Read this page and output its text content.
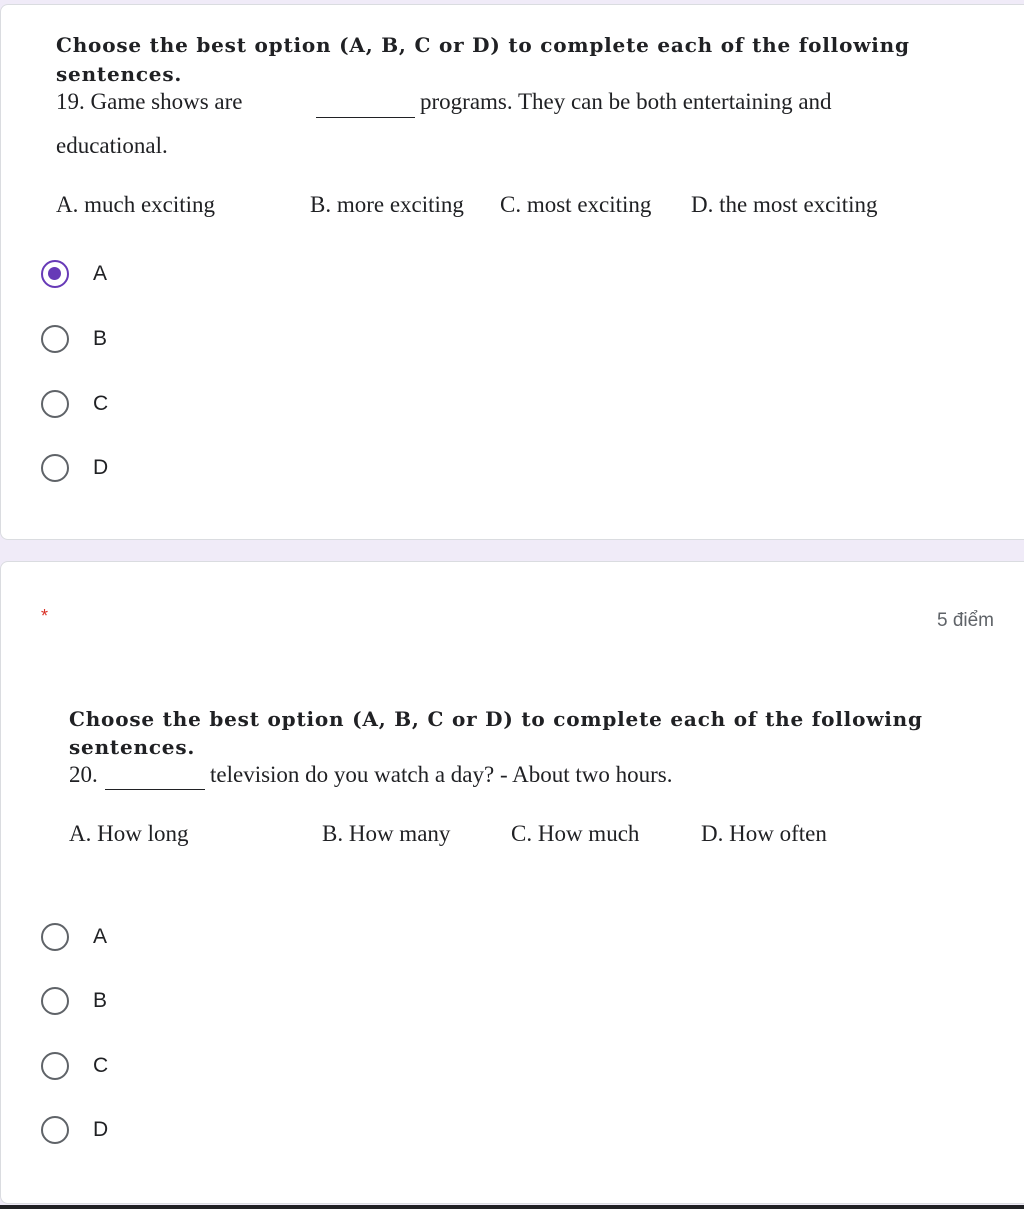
Choose the best option (A, B, C or D) to complete each of the following
sentences.
19. Game shows are	programs. They can be both entertaining and
educational.
A. much exciting	B. more exciting C. most exciting D. the most exciting
A
B
C
D
*	5 điểm
Choose the best option (A, B, C or D) to complete each of the following
sentences.
20.	television do you watch a day? - About two hours.
A. How long	B. How many	C. How much	D. How often
A
B
C
D
